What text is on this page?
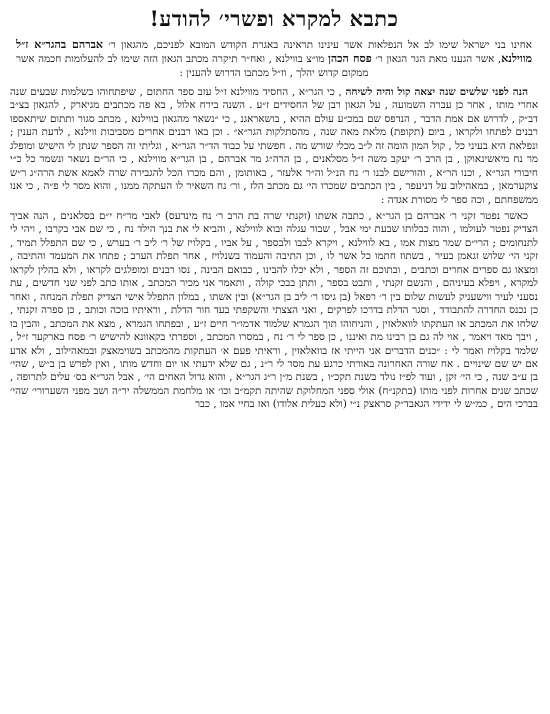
כתבא למקרא ופשרי׳ להודע!
אחינו בני ישראל שימו לב אל הנפלאות אשר עינינו תראינה באגרת הקודש המובא לפניכם, מהגאון ר׳ אברהם בהגר״א ז״ל מווילנא, אשר הגענו מאת הגר הגאון ר׳ פסח הכהן מו״צ בווילנא , ואח״ר תיקרה מכתב הגאון הזה שימו לב להעלומות חכמה אשר ממקום קדוש יהלך , וז״ל מכתבו הדרוש להענין :

הנה לפני שלשים שנה יצאה קול והיה לשיחה , כי הגר״א , החסיד מווילנא ז״ל עזב ספר החתום , שיפתחוהו בשלמות שבעים שנה אחרי מותו , אחר כן עברה השמועה , על הגאון רבן של החסידים ז״ע . השנה בירח אלול , בא פה מכתבים מגיארק , להגאון בצ״ב דב״ק , לדרוש אם אמת הדבר , הנדפס שם במכ״ע עולם ההיא , בושאראגנ , כי ״נשאר מהגאון בווילנא , מכתב סגור ותתום שיתאספו רבנים לפתחו ולקראו , ביום (תקופת) מלאת מאה שנה , מהסתלקות הגר״א״ . וכן באו רבנים אחרים מסביבות ווילנא , לדעת הענין ; ונפלאת היא בעיני כל , קול המון הומה זה ל״ב מכלי שורש מה . חפשתי על כבוד הד״ר הגר״א , וגליתי זה הספר שנתן לי הישיש ומופלג מר נח מיאשינאוקן , בן הרב ר׳ יעקב משה ז״ל מסלאנים , בן הרה״ג מר אברהם , בן הגר״א מווילנא , כי הר״ם נשאר ונשמר כל כ״י חיבורי הגר״א , וכנו הר״א , והורישם לבנו ר׳ נח הנ״ל וה״ר אלעזר , באותומן , והם מכרו הכל להגבירה שרה לאמא אשת הרה״ג ר״ש צוקערמאן , במאהילוב על דניעפר , בין הכתבים שמכרו הי׳ גם מכתב הלז , ור׳ נח השאיר לו העתקה ממנו , והוא מסר לי פ״ה , כי אנו ממשפחתם , וכה ספר לי מסורת אגדה :

כאשר נפטר זקני ר׳ אברהם בן הגר״א , כתבה אשתו (זקנתי שרה בת הרב ר׳ נח מינדעס) לאבי מר״ח י״ם בסלאנים , הנה אביך הצדיק נפטר לעולמו , והוה כבלותו שבעת ימי אבל , שבור עגלה ובוא לווילנא , והביא לי את בנך הילד נח , כי שם אבי בקרבו , ויהי לי לתנחומים ; הרי״ם שמר מצות אמו , בא לווילנא , ויקרא לבבו ולבספר , על אביו , בקלויז של ר׳ ליב ר׳ בערש , כי שם התפלל תמיד , זקני הי׳ שלוש זגאמן בעיר , בשתוז חתמו כל אשר לו , וכן התיבה והעמוד בשנלויז , אחר תפלת הערב ; פתחו את המעמד והתיבה , ומצאו גם ספרים אחרים וכתבים , ובתוכם זה הספר , ולא יכלו להבינו , כבואם הבינה , נסו רבנים ומופלגים לקראו , ולא בהלין לקראו למקרא , ויפלא בעיניהם , והנשם זקנתי , ותבט בספר , ותתן בבכי קולה , ותאמר אני מכיר המכתב , אותו כתב לפני שני חדשים , עת נסעני לעיר ווישעניק לעשות שלום בין ר׳ רפאל (בן גיסו ר׳ ליב בן הגר״א) ובין אשתו , במלון התפלל אישי הצדיק תפלת המנחה , ואחר כן נכנס החדרה להתבודד , וסגר הדלת בדרכו לפרקים , ואני הצצתי והשקפתי בעד חור הדלת , וראיתיו בוכה וכותב , כן ספרה זקנתי , שלחו את המכתב או העתקתו לוואלאזין , והניחוהו תוך הגמרא שלמוד אדמו״ר חיים ז״ע , ובפתחו הגמרא , מצא את המכתב , והבין בו , ויבך מאד ויאמר , אוי לה גם בן רבינו מת ואיננו , כן ספר לי ר׳ נח , במסרו המכתב , וספרתי בקאוונא להישיש ר׳ פסח בארקער ז״ל , שלמד בקלויז ואמר לי : ״כנים הדברים אני הייתי אז בוואלאזין , וראיתי פעם א׳ העתקות מהמכתב בשוימאצק ובמאהילוב , ולא אדע אם יש שם שינויים . אח שורה האחרונה באורתי כרגע עת מסר לי ר״נ , גם שלא ידעתי או יום וחדש מותו , ואין לפרש בן ב״ש , שהי׳ בן ע״ב שנה , כי הי׳ זקן , ועוד לפ״ז נולד בשנת תקכ״ו , בשנת מ״ן ר״ג הגר״א , והוא גדול האחים הי׳ , אבל הגר״א בס׳ עלים לתרופה , שכתב שנים אחרות לפני מותו (בתקנ״ח) אולי ספני המחלוקת שהיתה תקמ״ב וכו׳ או מלחמת הממשלה יר״ה ושב מפני השערורי׳ שהי׳ בברכי הים , כמ״ש לי ידידי הגאבד״ק סראצק נ״י (ולא כעלית אלודו) ואז בחיי אמו , כבר
